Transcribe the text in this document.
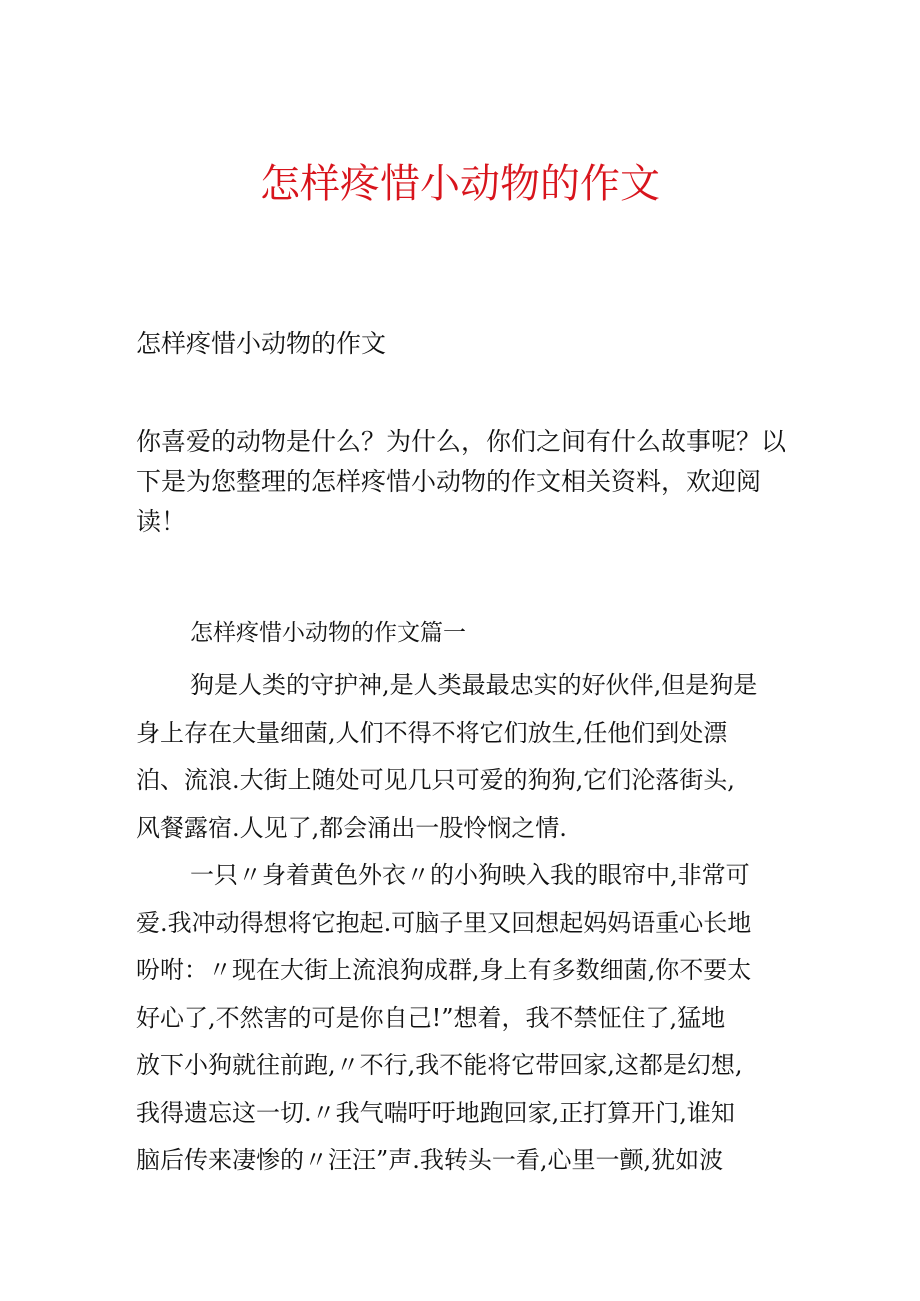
怎样疼惜小动物的作文

怎样疼惜小动物的作文

你喜爱的动物是什么？为什么，你们之间有什么故事呢？以
下是为您整理的怎样疼惜小动物的作文相关资料，欢迎阅
读！

怎样疼惜小动物的作文篇一

狗是人类的守护神,是人类最最忠实的好伙伴,但是狗是
身上存在大量细菌,人们不得不将它们放生,任他们到处漂
泊、流浪.大街上随处可见几只可爱的狗狗,它们沦落街头,
风餐露宿.人见了,都会涌出一股怜悯之情.
一只〃身着黄色外衣〃的小狗映入我的眼帘中,非常可
爱.我冲动得想将它抱起.可脑子里又回想起妈妈语重心长地
吩咐：〃现在大街上流浪狗成群,身上有多数细菌,你不要太
好心了,不然害的可是你自己!”想着，我不禁怔住了,猛地
放下小狗就往前跑,〃不行,我不能将它带回家,这都是幻想,
我得遗忘这一切.〃我气喘吁吁地跑回家,正打算开门,谁知
脑后传来凄惨的〃汪汪”声.我转头一看,心里一颤,犹如波
